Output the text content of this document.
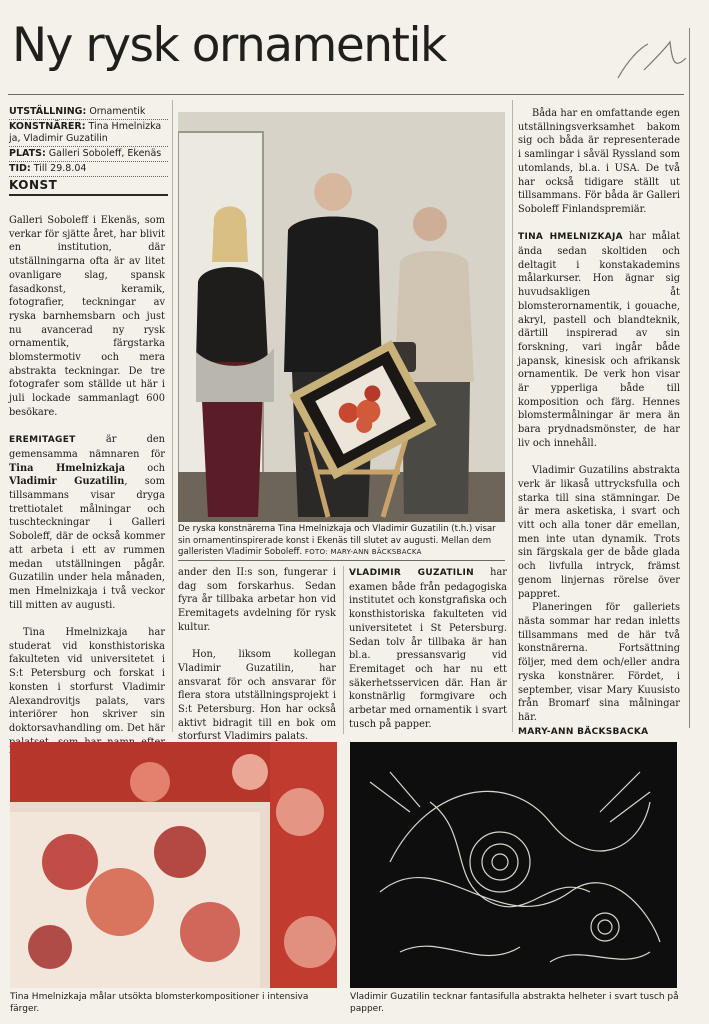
Ny rysk ornamentik
UTSTÄLLNING: Ornamentik
KONSTNÄRER: Tina Hmelnizka ja, Vladimir Guzatilin
PLATS: Galleri Soboleff, Ekenäs
TID: Till 29.8.04
KONST

Galleri Soboleff i Ekenäs, som verkar för sjätte året, har blivit en institution, där utställningarna ofta är av litet ovanligare slag, spansk fasadkonst, keramik, fotografier, teckningar av ryska barnhemsbarn och just nu avancerad ny rysk ornamentik, färgstarka blomstermotiv och mera abstrakta teckningar. De tre fotografer som ställde ut här i juli lockade sammanlagt 600 besökare.

EREMITAGET är den gemensamma nämnaren för Tina Hmelnizkaja och Vladimir Guzatilin, som tillsammans visar dryga trettiotalet målningar och tuschteckningar i Galleri Soboleff, där de också kommer att arbeta i ett av rummen medan utställningen pågår. Guzatilin under hela månaden, men Hmelnizkaja i två veckor till mitten av augusti.

Tina Hmelnizkaja har studerat vid konsthistoriska fakulteten vid universitetet i S:t Petersburg och forskat i konsten i storfurst Vladimir Alexandrovitjs palats, vars interiörer hon skriver sin doktorsavhandling om. Det här

De ryska konstnärerna Tina Hmelnizkaja och Vladimir Guzatilin (t.h.) visar sin ornamentinspirerade konst i Ekenäs till slutet av augusti. Mellan dem galleristen Vladimir Soboleff. FOTO: MARY-ANN BÄCKSBACKA

ander den II:s son, fungerar i dag som forskarhus. Sedan fyra år tillbaka arbetar hon vid Eremitagets avdelning för rysk kultur.

Hon, liksom kollegan Vladimir Guzatilin, har ansvarat för och ansvarar för flera stora utställningsprojekt i S:t Petersburg. Hon har också aktivt bidragit till en bok om storfurst Vladimirs palats.

VLADIMIR GUZATILIN har examen både från pedagogiska institutet och konstgrafiska och konsthistoriska fakulteten vid universitetet i St Petersburg. Sedan tolv år tillbaka är han bl.a. pressansvarig vid Eremitaget och har nu ett säkerhetsservicen där. Han är konstnärlig formgivare och arbetar med ornamentik i svart tusch på papper.

Båda har en omfattande egen utställningsverksamhet bakom sig och båda är representerade i samlingar i såväl Ryssland som utomlands, bl.a. i USA. De två har också tidigare ställt ut tillsammans. För båda är Galleri Soboleff Finlandspremiär.

TINA HMELNIZKAJA har målat ända sedan skoltiden och deltagit i konstakademins målarkurser. Hon ägnar sig huvudsakligen åt blomsterornamentik, i gouache, akryl, pastell och blandteknik, därtill inspirerad av sin forskning, vari ingår både japansk, kinesisk och afrikansk ornamentik. De verk hon visar är ypperliga både till komposition och färg. Hennes blomstermålningar är mera än bara prydnadsmönster, de har liv och innehåll.

Vladimir Guzatilins abstrakta verk är likaså uttrycksfulla och starka till sina stämningar. De är mera asketiska, i svart och vitt och alla toner där emellan, men inte utan dynamik. Trots sin färgskala ger de både glada och livfulla intryck, främst genom linjernas rörelse över pappret.

Planeringen för galleriets nästa sommar har redan inletts tillsammans med de här två konstnärerna. Fortsättning följer, med dem och/eller andra ryska konstnärer. Fördet, i september, visar Mary Kuusisto från Bromarf sina målningar här.

MARY-ANN BÄCKSBACKA

Tina Hmelnizkaja målar utsökta blomsterkompositioner i intensiva färger.
Vladimir Guzatilin tecknar fantasifulla abstrakta helheter i svart tusch på papper.
